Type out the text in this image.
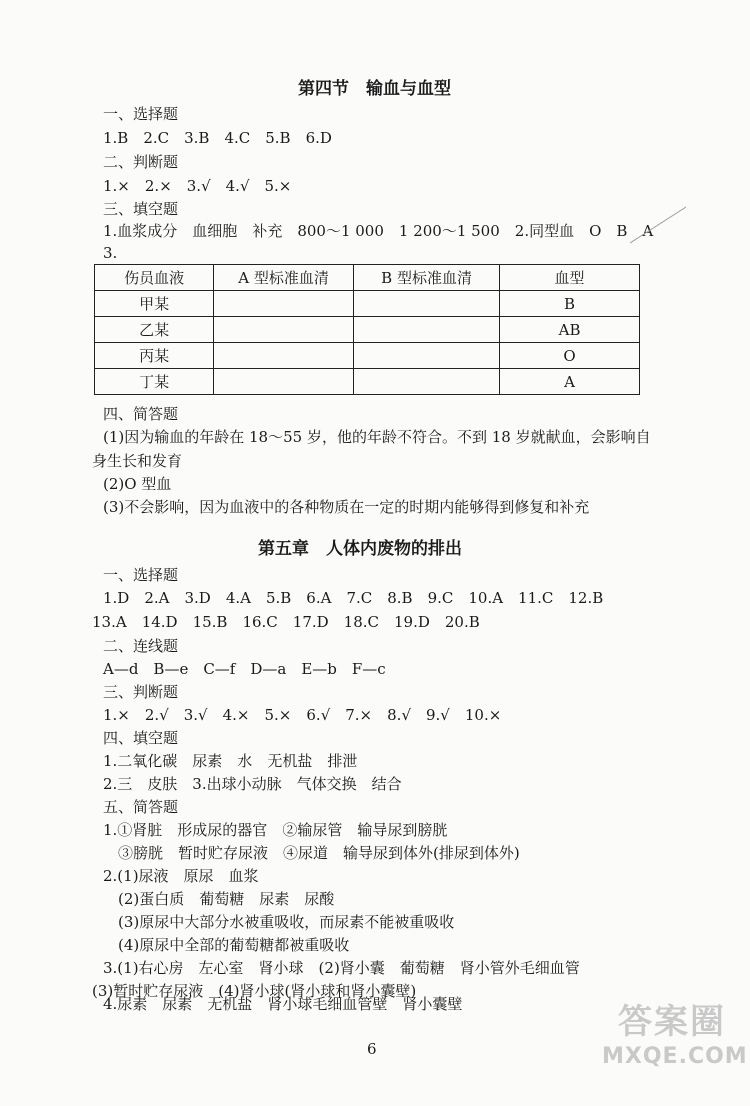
第四节　输血与血型
一、选择题
1.B　2.C　3.B　4.C　5.B　6.D
二、判断题
1.×　2.×　3.√　4.√　5.×
三、填空题
1.血浆成分　血细胞　补充　800～1 000　1 200～1 500　2.同型血　O　B　A
3.
伤员血液	A 型标准血清	B 型标准血清	血型
甲某			B
乙某			AB
丙某			O
丁某			A
四、简答题
(1)因为输血的年龄在 18～55 岁，他的年龄不符合。不到 18 岁就献血，会影响自
身生长和发育
(2)O 型血
(3)不会影响，因为血液中的各种物质在一定的时期内能够得到修复和补充
第五章　人体内废物的排出
一、选择题
1.D　2.A　3.D　4.A　5.B　6.A　7.C　8.B　9.C　10.A　11.C　12.B
13.A　14.D　15.B　16.C　17.D　18.C　19.D　20.B
二、连线题
A—d　B—e　C—f　D—a　E—b　F—c
三、判断题
1.×　2.√　3.√　4.×　5.×　6.√　7.×　8.√　9.√　10.×
四、填空题
1.二氧化碳　尿素　水　无机盐　排泄
2.三　皮肤　3.出球小动脉　气体交换　结合
五、简答题
1.①肾脏　形成尿的器官　②输尿管　输导尿到膀胱
③膀胱　暂时贮存尿液　④尿道　输导尿到体外(排尿到体外)
2.(1)尿液　原尿　血浆
(2)蛋白质　葡萄糖　尿素　尿酸
(3)原尿中大部分水被重吸收，而尿素不能被重吸收
(4)原尿中全部的葡萄糖都被重吸收
3.(1)右心房　左心室　肾小球　(2)肾小囊　葡萄糖　肾小管外毛细血管
(3)暂时贮存尿液　(4)肾小球(肾小球和肾小囊壁)
4.尿素　尿素　无机盐　肾小球毛细血管壁　肾小囊壁
6
答案圈
MXQE.COM
